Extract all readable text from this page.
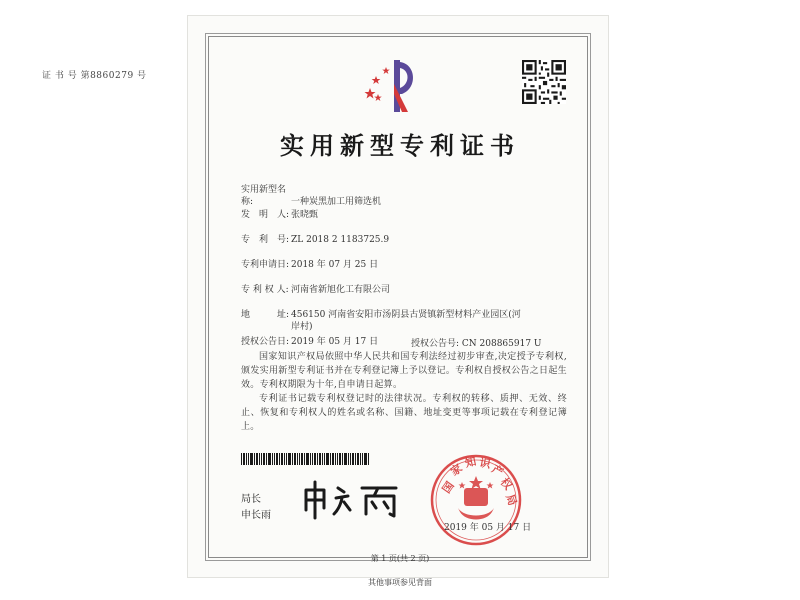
证 书 号 第8860279 号
实用新型专利证书
实用新型名称:	一种炭黑加工用筛选机
发　明　人: 张晓甄
专　利　号: ZL 2018 2 1183725.9
专利申请日: 2018 年 07 月 25 日
专 利 权 人: 河南省新旭化工有限公司
地　　　址: 456150 河南省安阳市汤阴县古贤镇新型材料产业园区(河岸村)
授权公告日: 2019 年 05 月 17 日	授权公告号: CN 208865917 U
国家知识产权局依照中华人民共和国专利法经过初步审查,决定授予专利权,颁发实用新型专利证书并在专利登记簿上予以登记。专利权自授权公告之日起生效。专利权期限为十年,自申请日起算。
专利证书记载专利权登记时的法律状况。专利权的转移、质押、无效、终止、恢复和专利权人的姓名或名称、国籍、地址变更等事项记载在专利登记簿上。
局长
申长雨
国
家 知 识
产
权
局
2019 年 05 月 17 日
第 1 页(共 2 页)
其他事项参见背面
